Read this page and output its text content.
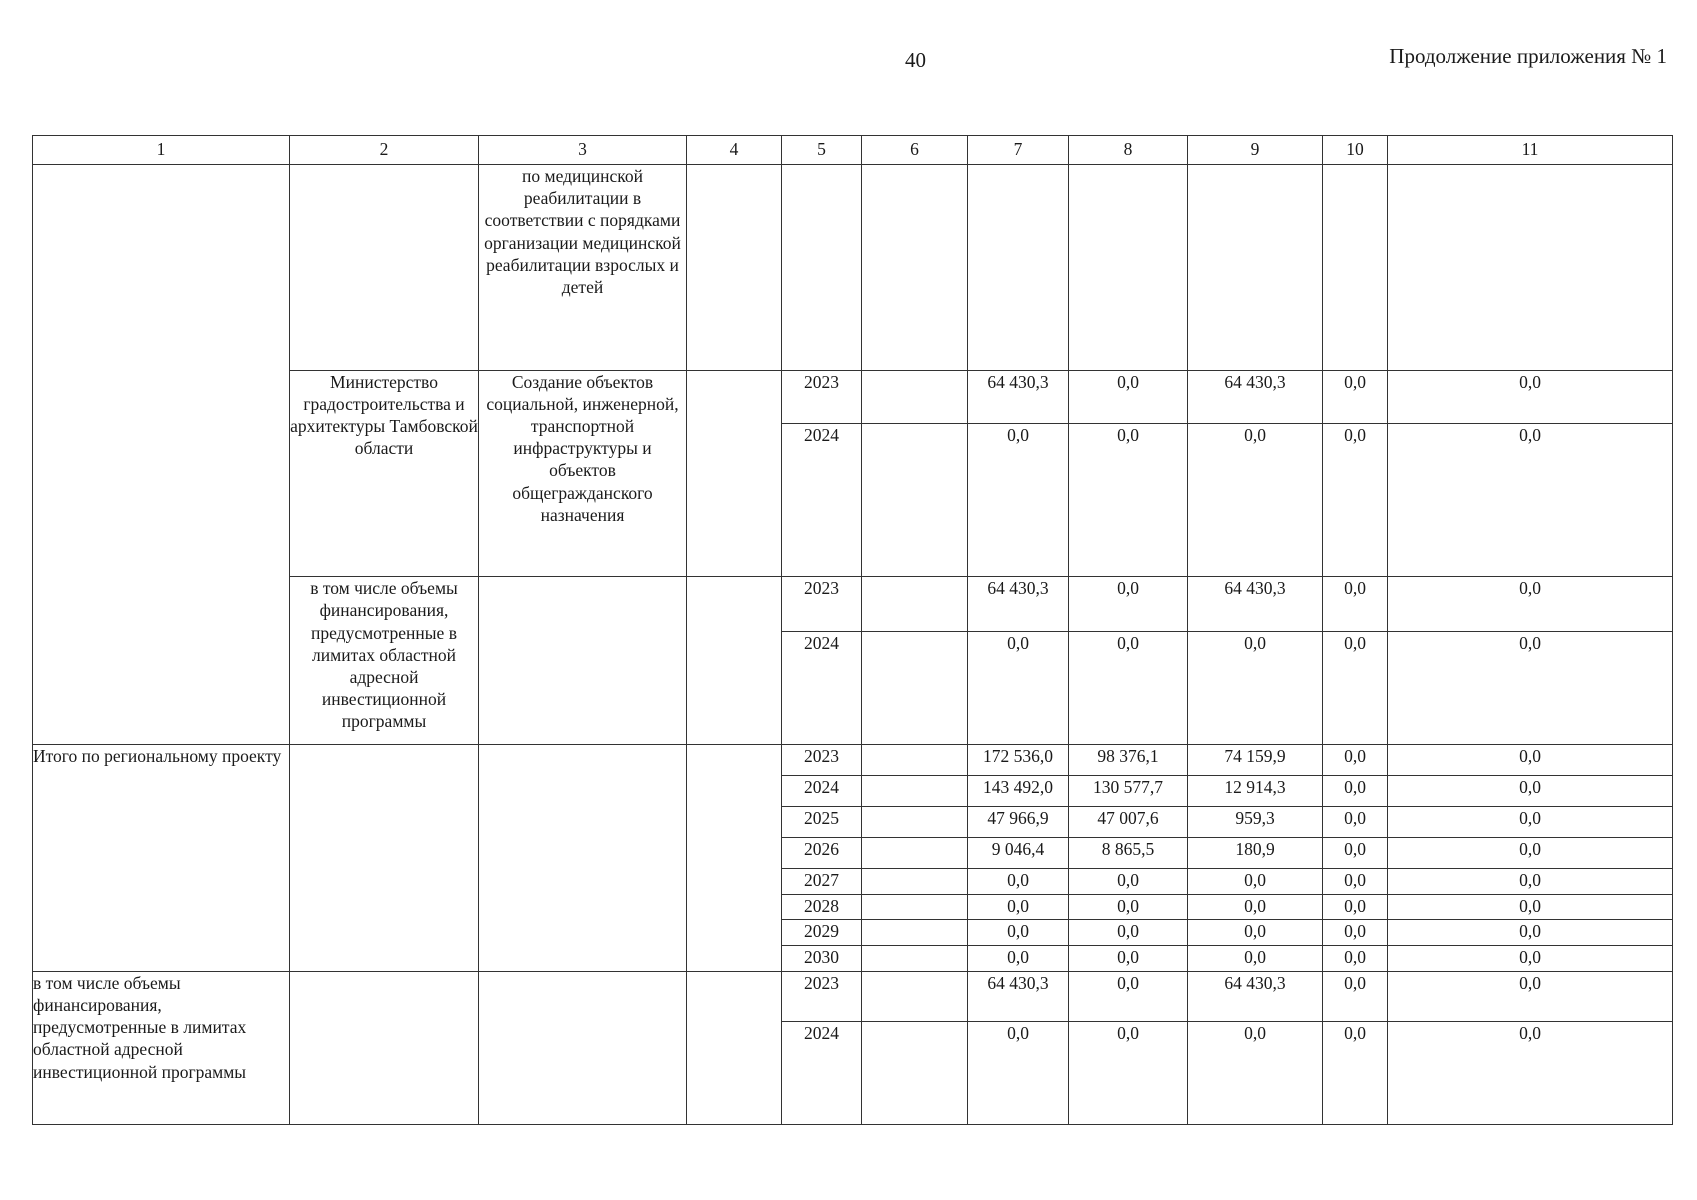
40	Продолжение приложения № 1
1	2	3	4	5	6	7	8	9	10	11
		по медицинской реабилитации в соответствии с порядками организации медицинской реабилитации взрослых и детей								
	Министерство градостроительства и архитектуры Тамбовской области	Создание объектов социальной, инженерной, транспортной инфраструктуры и объектов общегражданского назначения		2023		64 430,3	0,0	64 430,3	0,0	0,0
				2024		0,0	0,0	0,0	0,0	0,0
	в том числе объемы финансирования, предусмотренные в лимитах областной адресной инвестиционной программы			2023		64 430,3	0,0	64 430,3	0,0	0,0
				2024		0,0	0,0	0,0	0,0	0,0
Итого по региональному проекту				2023		172 536,0	98 376,1	74 159,9	0,0	0,0
				2024		143 492,0	130 577,7	12 914,3	0,0	0,0
				2025		47 966,9	47 007,6	959,3	0,0	0,0
				2026		9 046,4	8 865,5	180,9	0,0	0,0
				2027		0,0	0,0	0,0	0,0	0,0
				2028		0,0	0,0	0,0	0,0	0,0
				2029		0,0	0,0	0,0	0,0	0,0
				2030		0,0	0,0	0,0	0,0	0,0
в том числе объемы финансирования, предусмотренные в лимитах областной адресной инвестиционной программы				2023		64 430,3	0,0	64 430,3	0,0	0,0
				2024		0,0	0,0	0,0	0,0	0,0
